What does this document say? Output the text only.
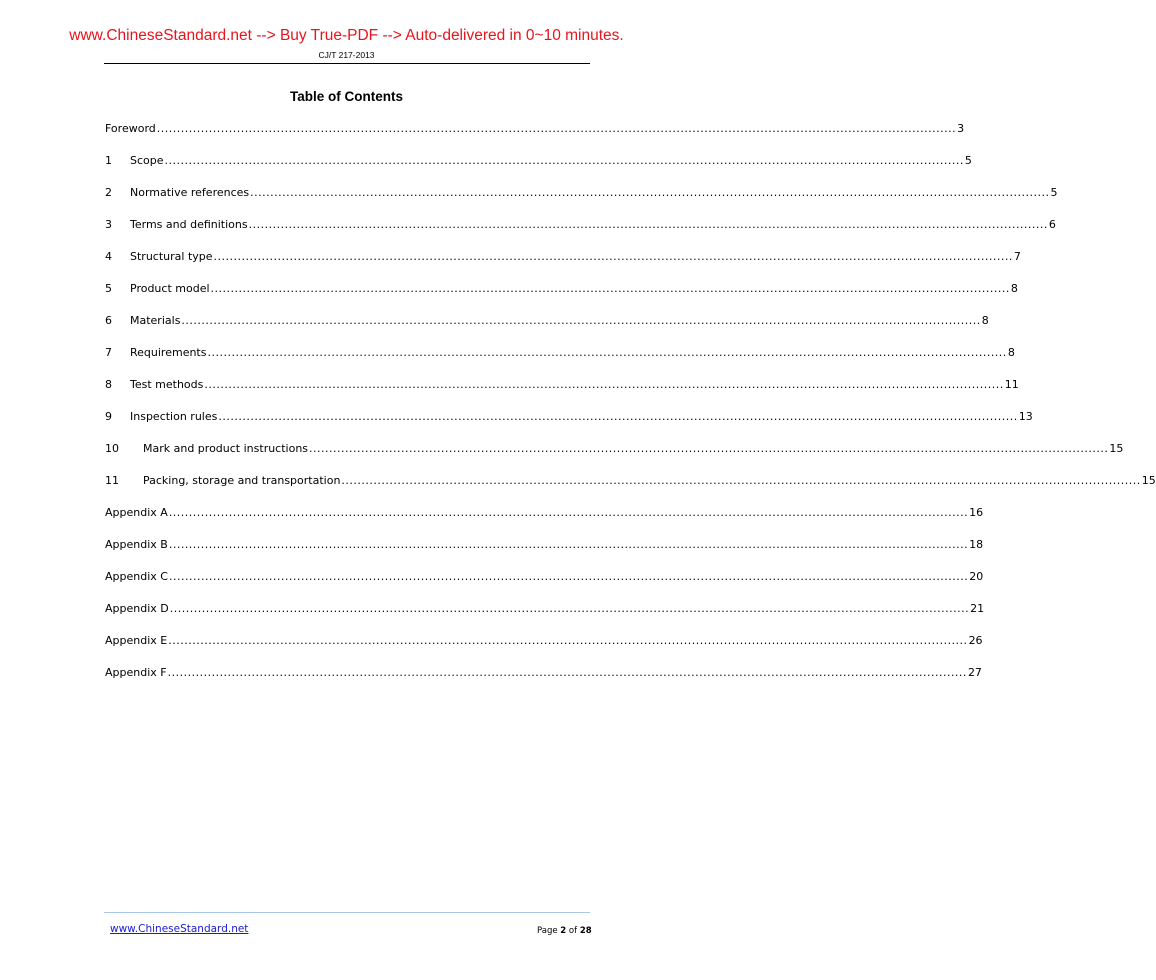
www.ChineseStandard.net --> Buy True-PDF --> Auto-delivered in 0~10 minutes.
CJ/T 217-2013
Table of Contents
Foreword ........................................................................................................................................................................................................ 3
1	Scope ........................................................................................................................................................................................................ 5
2	Normative references ........................................................................................................................................................................................................ 5
3	Terms and definitions ........................................................................................................................................................................................................ 6
4	Structural type ........................................................................................................................................................................................................ 7
5	Product model ........................................................................................................................................................................................................ 8
6	Materials ........................................................................................................................................................................................................ 8
7	Requirements ........................................................................................................................................................................................................ 8
8	Test methods ........................................................................................................................................................................................................ 11
9	Inspection rules ........................................................................................................................................................................................................ 13
10	Mark and product instructions ........................................................................................................................................................................................................ 15
11	Packing, storage and transportation ........................................................................................................................................................................................................ 15
Appendix A ........................................................................................................................................................................................................ 16
Appendix B ........................................................................................................................................................................................................ 18
Appendix C ........................................................................................................................................................................................................ 20
Appendix D ........................................................................................................................................................................................................ 21
Appendix E ........................................................................................................................................................................................................ 26
Appendix F ........................................................................................................................................................................................................ 27
www.ChineseStandard.net	Page 2 of 28
